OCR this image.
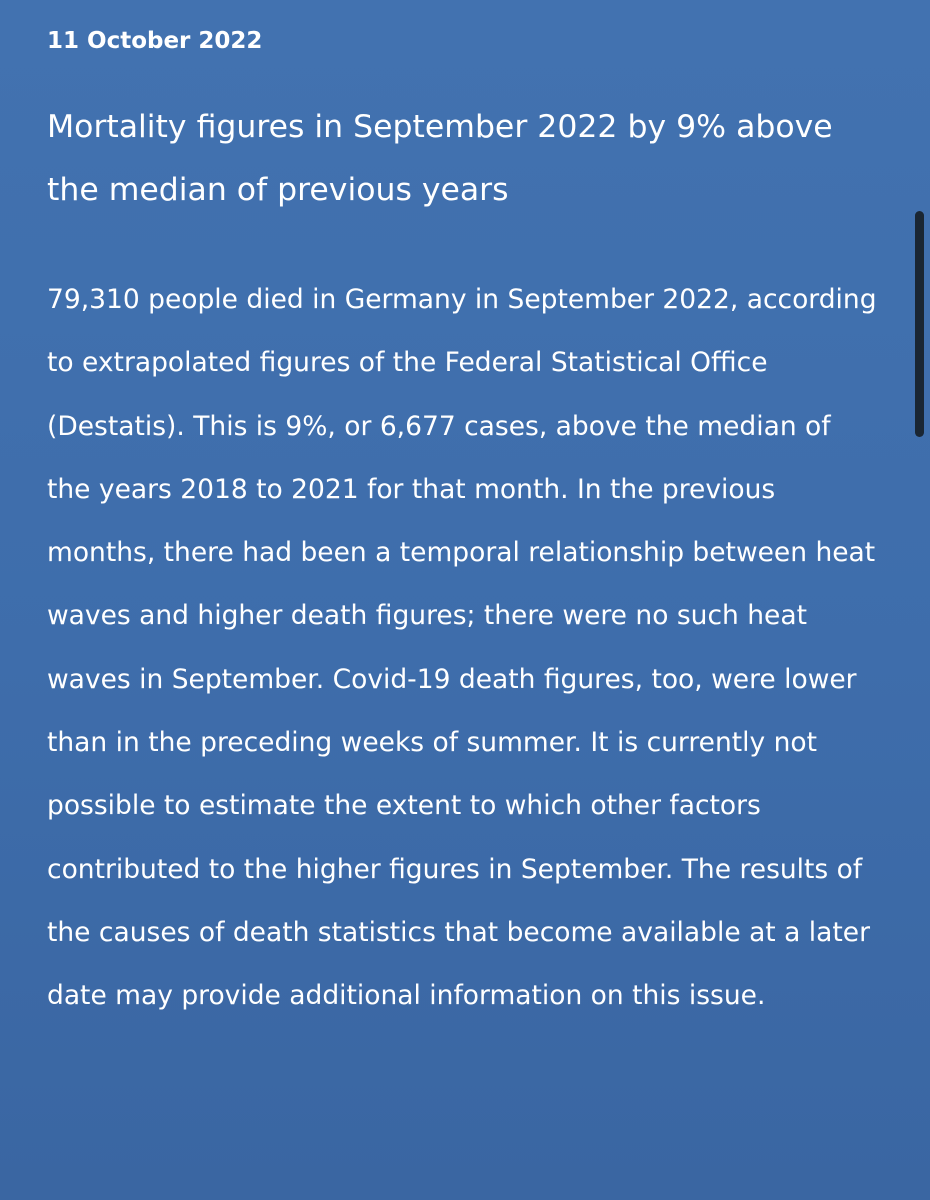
11 October 2022
Mortality figures in September 2022 by 9% above the median of previous years

79,310 people died in Germany in September 2022, according to extrapolated figures of the Federal Statistical Office (Destatis). This is 9%, or 6,677 cases, above the median of the years 2018 to 2021 for that month. In the previous months, there had been a temporal relationship between heat waves and higher death figures; there were no such heat waves in September. Covid-19 death figures, too, were lower than in the preceding weeks of summer. It is currently not possible to estimate the extent to which other factors contributed to the higher figures in September. The results of the causes of death statistics that become available at a later date may provide additional information on this issue.
